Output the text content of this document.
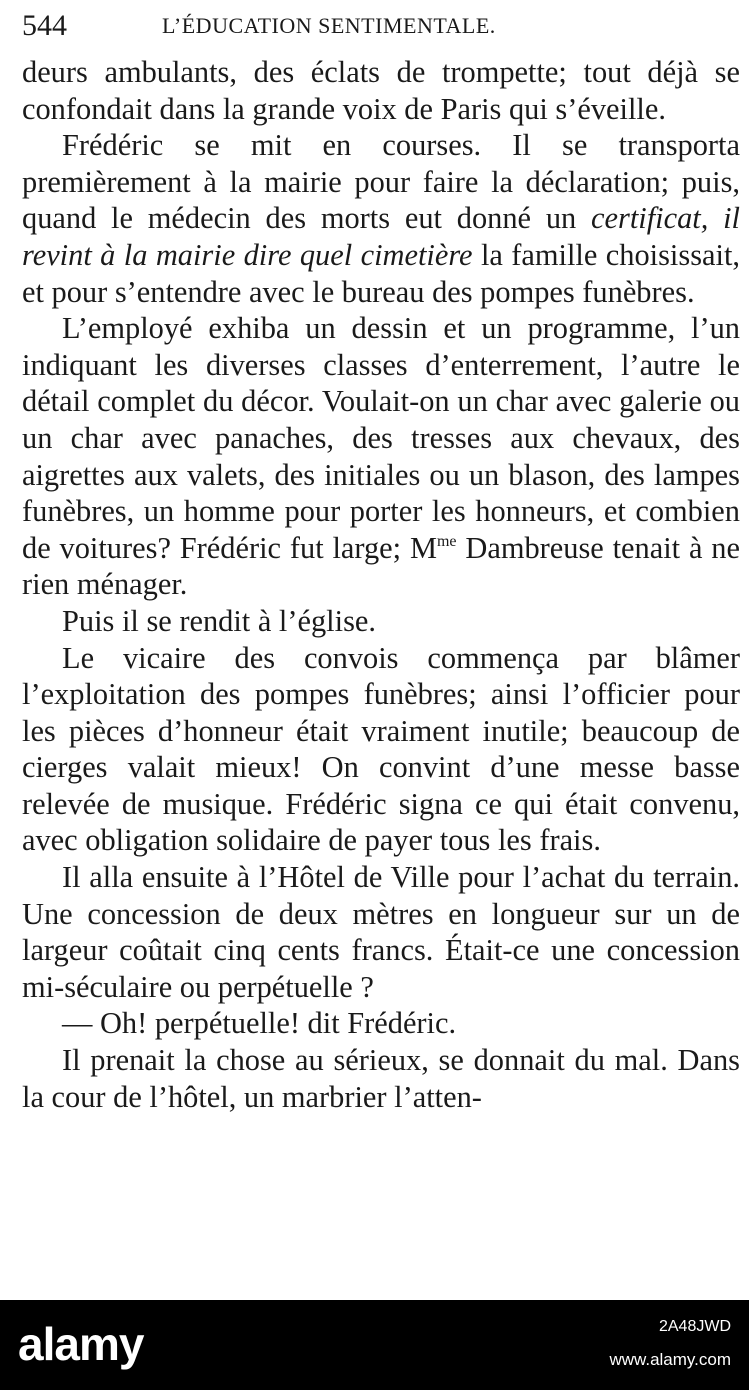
544	L’ÉDUCATION SENTIMENTALE.

deurs ambulants, des éclats de trompette; tout déjà se confondait dans la grande voix de Paris qui s’éveille.

Frédéric se mit en courses. Il se transporta premièrement à la mairie pour faire la déclaration; puis, quand le médecin des morts eut donné un certificat, il revint à la mairie dire quel cimetière la famille choisissait, et pour s’entendre avec le bureau des pompes funèbres.

L’employé exhiba un dessin et un programme, l’un indiquant les diverses classes d’enterrement, l’autre le détail complet du décor. Voulait-on un char avec galerie ou un char avec panaches, des tresses aux chevaux, des aigrettes aux valets, des initiales ou un blason, des lampes funèbres, un homme pour porter les honneurs, et combien de voitures? Frédéric fut large; $M^{me}$ Dambreuse tenait à ne rien ménager.

Puis il se rendit à l’église.

Le vicaire des convois commença par blâmer l’exploitation des pompes funèbres; ainsi l’officier pour les pièces d’honneur était vraiment inutile; beaucoup de cierges valait mieux! On convint d’une messe basse relevée de musique. Frédéric signa ce qui était convenu, avec obligation solidaire de payer tous les frais.

Il alla ensuite à l’Hôtel de Ville pour l’achat du terrain. Une concession de deux mètres en longueur sur un de largeur coûtait cinq cents francs. Était-ce une concession mi-séculaire ou perpétuelle ?

— Oh! perpétuelle! dit Frédéric.

Il prenait la chose au sérieux, se donnait du mal. Dans la cour de l’hôtel, un marbrier l’atten-

alamy	2A48JWD
www.alamy.com
